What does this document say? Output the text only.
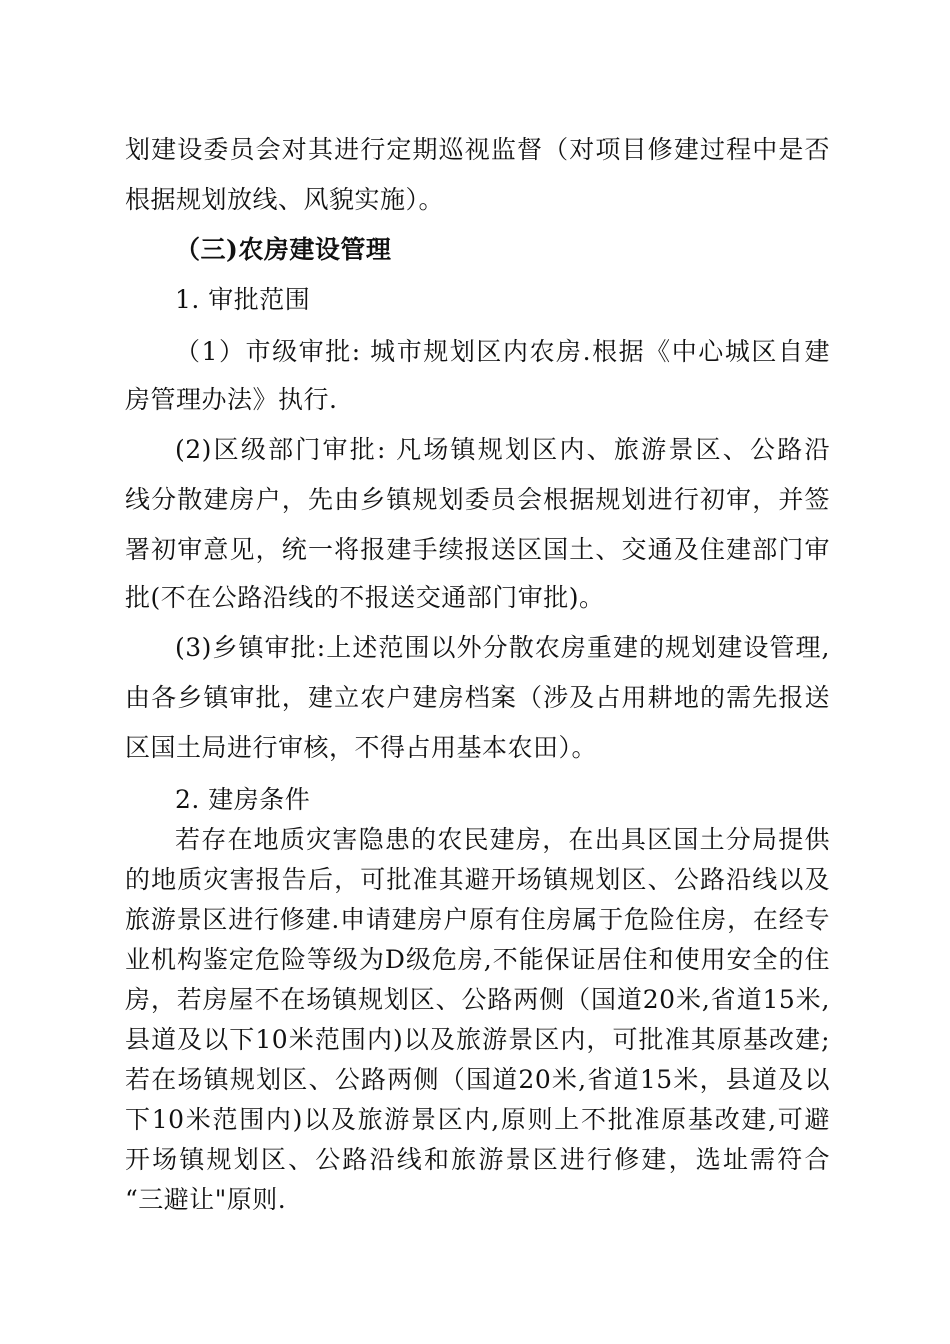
划建设委员会对其进行定期巡视监督（对项目修建过程中是否
根据规划放线、风貌实施）。
（三)农房建设管理
1. 审批范围
（1）市级审批: 城市规划区内农房.根据《中心城区自建
房管理办法》执行.
(2)区级部门审批: 凡场镇规划区内、旅游景区、公路沿
线分散建房户，先由乡镇规划委员会根据规划进行初审，并签
署初审意见，统一将报建手续报送区国土、交通及住建部门审
批(不在公路沿线的不报送交通部门审批)。
(3)乡镇审批:上述范围以外分散农房重建的规划建设管理,
由各乡镇审批，建立农户建房档案（涉及占用耕地的需先报送
区国土局进行审核，不得占用基本农田）。
2. 建房条件
若存在地质灾害隐患的农民建房，在出具区国土分局提供
的地质灾害报告后，可批准其避开场镇规划区、公路沿线以及
旅游景区进行修建.申请建房户原有住房属于危险住房，在经专
业机构鉴定危险等级为D级危房,不能保证居住和使用安全的住
房，若房屋不在场镇规划区、公路两侧（国道20米,省道15米,
县道及以下10米范围内)以及旅游景区内，可批准其原基改建;
若在场镇规划区、公路两侧（国道20米,省道15米，县道及以
下10米范围内)以及旅游景区内,原则上不批准原基改建,可避
开场镇规划区、公路沿线和旅游景区进行修建，选址需符合
“三避让"原则.
